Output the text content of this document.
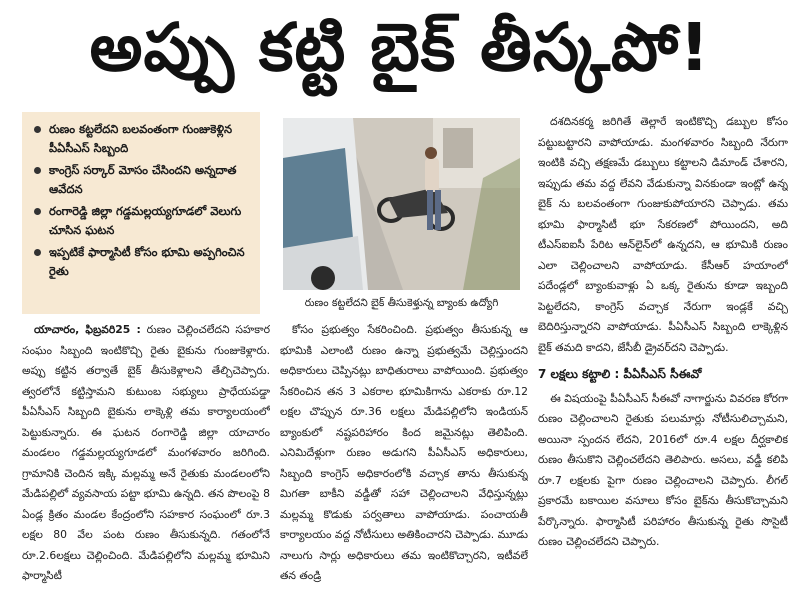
అప్పు కట్టి బైక్ తీస్కపో!
రుణం కట్టలేదని బలవంతంగా గుంజుకెళ్లిన పీఏసీఎస్ సిబ్బంది
కాంగ్రెస్ సర్కార్ మోసం చేసిందని అన్నదాత ఆవేదన
రంగారెడ్డి జిల్లా గడ్డమల్లయ్యగూడలో వెలుగు చూసిన ఘటన
ఇప్పటికే ఫార్మాసిటీ కోసం భూమి అప్పగించిన రైతు
రుణం కట్టలేదని బైక్ తీసుకెళ్తున్న బ్యాంకు ఉద్యోగి

యాచారం, ఫిబ్రవరి25 : రుణం చెల్లించలేదని సహకార సంఘం సిబ్బంది ఇంటికొచ్చి రైతు బైకును గుంజుకెళ్లారు. అప్పు కట్టిన తర్వాతే బైక్ తీసుకెళ్లాలని తేల్చిచెప్పారు. త్వరలోనే కట్టిస్తామని కుటుంబ సభ్యులు ప్రాధేయపడ్డా పీఏసీఎస్ సిబ్బంది బైకును లాక్కెళ్లి తమ కార్యాలయంలో పెట్టుకున్నారు. ఈ ఘటన రంగారెడ్డి జిల్లా యాచారం మండలం గడ్డమల్లయ్యగూడలో మంగళవారం జరిగింది. గ్రామానికి చెందిన ఇక్కి మల్లమ్మ అనే రైతుకు మండలంలోని మేడిపల్లిలో వ్యవసాయ పట్టా భూమి ఉన్నది. తన పొలంపై 8 ఏండ్ల క్రితం మండల కేంద్రంలోని సహకార సంఘంలో రూ.3 లక్షల 80 వేల పంట రుణం తీసుకున్నది. గతంలోనే రూ.2.6లక్షలు చెల్లించింది. మేడిపల్లిలోని మల్లమ్మ భూమిని ఫార్మాసిటీ

కోసం ప్రభుత్వం సేకరించింది. ప్రభుత్వం తీసుకున్న ఆ భూమికి ఎలాంటి రుణం ఉన్నా ప్రభుత్వమే చెల్లిస్తుందని అధికారులు చెప్పినట్లు బాధితురాలు వాపోయింది. ప్రభుత్వం సేకరించిన తన 3 ఎకరాల భూమికిగాను ఎకరాకు రూ.12 లక్షల చొప్పున రూ.36 లక్షలు మేడిపల్లిలోని ఇండియన్ బ్యాంకులో నష్టపరిహారం కింద జమైనట్లు తెలిపింది. ఎనిమిదేళ్లుగా రుణం అడుగని పీఏసీఎస్ అధికారులు, సిబ్బంది కాంగ్రెస్ అధికారంలోకి వచ్చాక తాను తీసుకున్న మిగతా బాకీని వడ్డీతో సహా చెల్లించాలని వేధిస్తున్నట్లు మల్లమ్మ కొడుకు పర్వతాలు వాపోయాడు. పంచాయతీ కార్యాలయం వద్ద నోటీసులు అతికించారని చెప్పాడు. మూడు నాలుగు సార్లు అధికారులు తమ ఇంటికొచ్చారని, ఇటీవలే తన తండ్రి

దశదినకర్మ జరిగితే తెల్లారే ఇంటికొచ్చి డబ్బుల కోసం పట్టుబట్టారని వాపోయాడు. మంగళవారం సిబ్బంది నేరుగా ఇంటికి వచ్చి తక్షణమే డబ్బులు కట్టాలని డిమాండ్ చేశారని, ఇప్పుడు తమ వద్ద లేవని వేడుకున్నా వినకుండా ఇంట్లో ఉన్న బైక్ ను బలవంతంగా గుంజుకుపోయారని చెప్పాడు. తమ భూమి ఫార్మాసిటీ భూ సేకరణలో పోయిందని, అది టీఎస్ఐఐసీ పేరిట ఆన్‌లైన్‌లో ఉన్నదని, ఆ భూమికి రుణం ఎలా చెల్లించాలని వాపోయాడు. కేసీఆర్ హయాంలో పదేండ్లలో బ్యాంకువాళ్లు ఏ ఒక్క రైతును కూడా ఇబ్బంది పెట్టలేదని, కాంగ్రెస్ వచ్చాక నేరుగా ఇండ్లకే వచ్చి బెదిరిస్తున్నారని వాపోయాడు. పీఏసీఎస్ సిబ్బంది లాక్కెళ్లిన బైక్ తమది కాదని, జేసీబీ డ్రైవర్‌దని చెప్పాడు.

7 లక్షలు కట్టాలి : పీఏసీఎస్ సీఈవో

ఈ విషయంపై పీఏసీఎస్ సీఈవో నాగార్జును వివరణ కోరగా రుణం చెల్లించాలని రైతుకు పలుమార్లు నోటీసులిచ్చామని, అయినా స్పందన లేదని, 2016లో రూ.4 లక్షల దీర్ఘకాలిక రుణం తీసుకొని చెల్లించలేదని తెలిపారు. అసలు, వడ్డీ కలిపి రూ.7 లక్షలకు పైగా రుణం చెల్లించాలని చెప్పారు. లీగల్ ప్రకారమే బకాయిల వసూలు కోసం బైక్‌ను తీసుకొచ్చామని పేర్కొన్నారు. ఫార్మాసిటీ పరిహారం తీసుకున్న రైతు సొసైటీ రుణం చెల్లించలేదని చెప్పారు.
